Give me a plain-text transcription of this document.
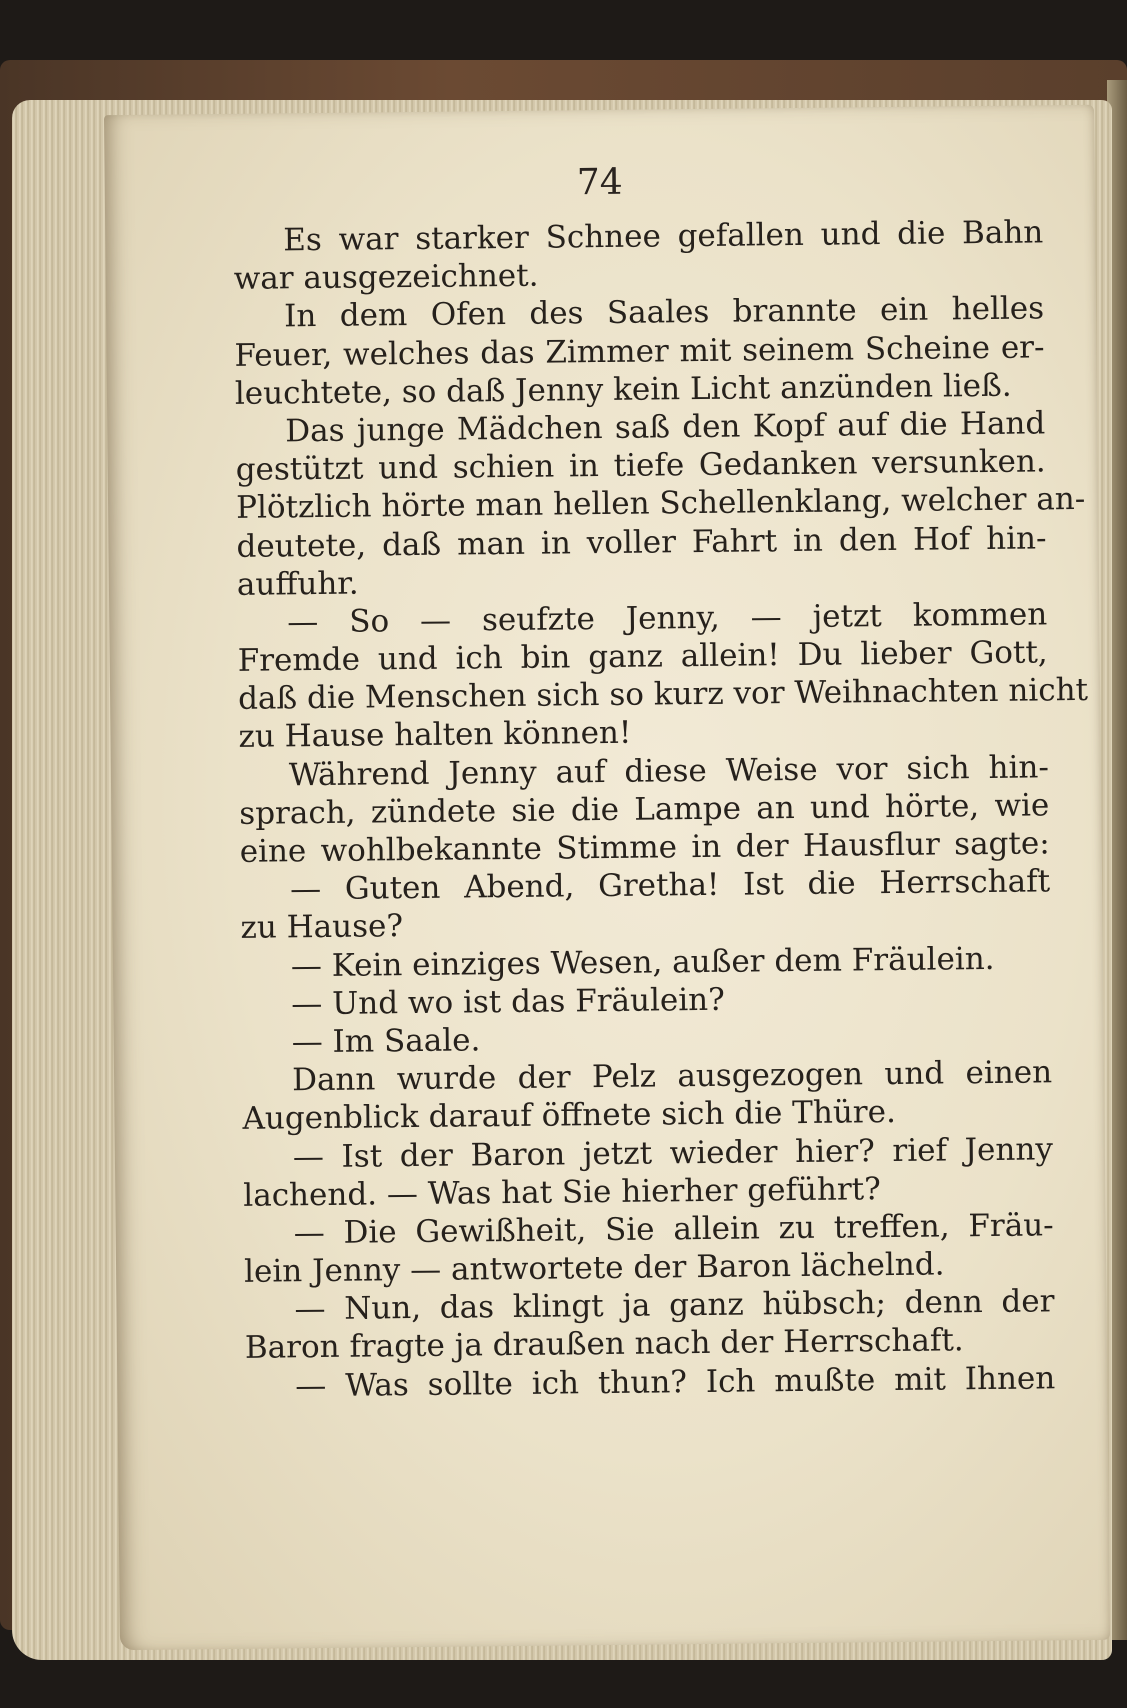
74
Es war starker Schnee gefallen und die Bahn
war ausgezeichnet.
In dem Ofen des Saales brannte ein helles
Feuer, welches das Zimmer mit seinem Scheine er-
leuchtete, so daß Jenny kein Licht anzünden ließ.
Das junge Mädchen saß den Kopf auf die Hand
gestützt und schien in tiefe Gedanken versunken.
Plötzlich hörte man hellen Schellenklang, welcher an-
deutete, daß man in voller Fahrt in den Hof hin-
auffuhr.
— So — seufzte Jenny, — jetzt kommen
Fremde und ich bin ganz allein! Du lieber Gott,
daß die Menschen sich so kurz vor Weihnachten nicht
zu Hause halten können!
Während Jenny auf diese Weise vor sich hin-
sprach, zündete sie die Lampe an und hörte, wie
eine wohlbekannte Stimme in der Hausflur sagte:
— Guten Abend, Gretha! Ist die Herrschaft
zu Hause?
— Kein einziges Wesen, außer dem Fräulein.
— Und wo ist das Fräulein?
— Im Saale.
Dann wurde der Pelz ausgezogen und einen
Augenblick darauf öffnete sich die Thüre.
— Ist der Baron jetzt wieder hier? rief Jenny
lachend. — Was hat Sie hierher geführt?
— Die Gewißheit, Sie allein zu treffen, Fräu-
lein Jenny — antwortete der Baron lächelnd.
— Nun, das klingt ja ganz hübsch; denn der
Baron fragte ja draußen nach der Herrschaft.
— Was sollte ich thun? Ich mußte mit Ihnen
